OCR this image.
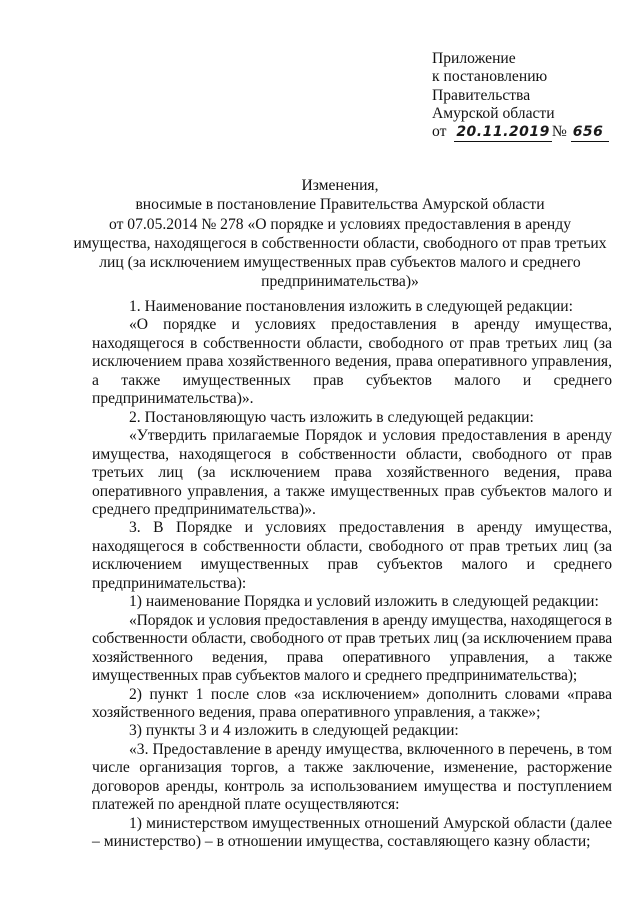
Приложение
к постановлению
Правительства
Амурской области
от 20.11.2019 № 656
Изменения,
вносимые в постановление Правительства Амурской области
от 07.05.2014 № 278 «О порядке и условиях предоставления в аренду
имущества, находящегося в собственности области, свободного от прав третьих
лиц (за исключением имущественных прав субъектов малого и среднего
предпринимательства)»

1. Наименование постановления изложить в следующей редакции:

«О порядке и условиях предоставления в аренду имущества, находящегося в собственности области, свободного от прав третьих лиц (за исключением права хозяйственного ведения, права оперативного управления, а также имущественных прав субъектов малого и среднего предпринимательства)».

2. Постановляющую часть изложить в следующей редакции:

«Утвердить прилагаемые Порядок и условия предоставления в аренду имущества, находящегося в собственности области, свободного от прав третьих лиц (за исключением права хозяйственного ведения, права оперативного управления, а также имущественных прав субъектов малого и среднего предпринимательства)».

3. В Порядке и условиях предоставления в аренду имущества, находящегося в собственности области, свободного от прав третьих лиц (за исключением имущественных прав субъектов малого и среднего предпринимательства):

1) наименование Порядка и условий изложить в следующей редакции:

«Порядок и условия предоставления в аренду имущества, находящегося в собственности области, свободного от прав третьих лиц (за исключением права хозяйственного ведения, права оперативного управления, а также имущественных прав субъектов малого и среднего предпринимательства);

2) пункт 1 после слов «за исключением» дополнить словами «права хозяйственного ведения, права оперативного управления, а также»;

3) пункты 3 и 4 изложить в следующей редакции:

«3. Предоставление в аренду имущества, включенного в перечень, в том числе организация торгов, а также заключение, изменение, расторжение договоров аренды, контроль за использованием имущества и поступлением платежей по арендной плате осуществляются:

1) министерством имущественных отношений Амурской области (далее – министерство) – в отношении имущества, составляющего казну области;
